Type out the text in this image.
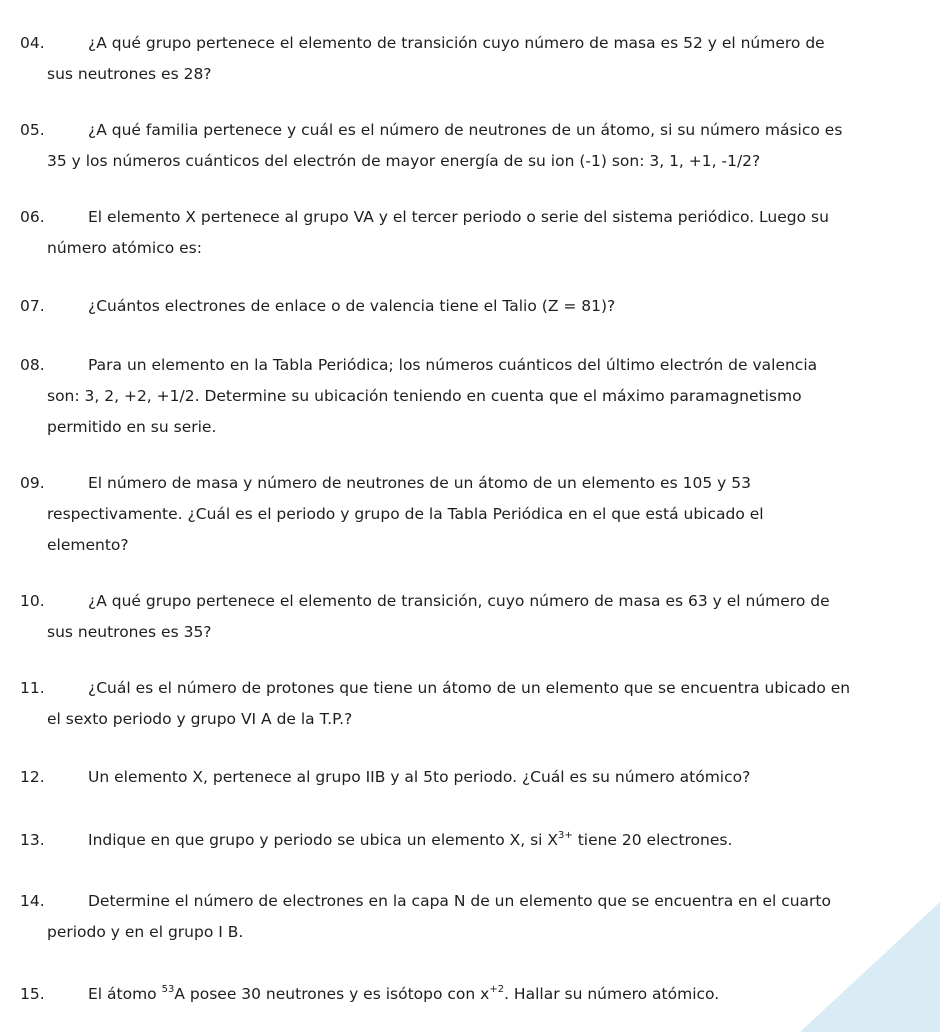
04.	¿A qué grupo pertenece el elemento de transición cuyo número de masa es 52 y el número de
sus neutrones es 28?
05.	¿A qué familia pertenece y cuál es el número de neutrones de un átomo, si su número másico es
35 y los números cuánticos del electrón de mayor energía de su ion (-1) son: 3, 1, +1, -1/2?
06.	El elemento X pertenece al grupo VA y el tercer periodo o serie del sistema periódico. Luego su
número atómico es:
07.	¿Cuántos electrones de enlace o de valencia tiene el Talio (Z = 81)?
08.	Para un elemento en la Tabla Periódica; los números cuánticos del último electrón de valencia
son: 3, 2, +2, +1/2. Determine su ubicación teniendo en cuenta que el máximo paramagnetismo
permitido en su serie.
09.	El número de masa y número de neutrones de un átomo de un elemento es 105 y 53
respectivamente. ¿Cuál es el periodo y grupo de la Tabla Periódica en el que está ubicado el
elemento?
10.	¿A qué grupo pertenece el elemento de transición, cuyo número de masa es 63 y el número de
sus neutrones es 35?
11.	¿Cuál es el número de protones que tiene un átomo de un elemento que se encuentra ubicado en
el sexto periodo y grupo VI A de la T.P.?
12.	Un elemento X, pertenece al grupo IIB y al 5to periodo. ¿Cuál es su número atómico?
13.	Indique en que grupo y periodo se ubica un elemento X, si $X^{3+}$ tiene 20 electrones.
14.	Determine el número de electrones en la capa N de un elemento que se encuentra en el cuarto
periodo y en el grupo I B.
15.	El átomo $^{53}$A posee 30 neutrones y es isótopo con $x^{+2}$. Hallar su número atómico.
